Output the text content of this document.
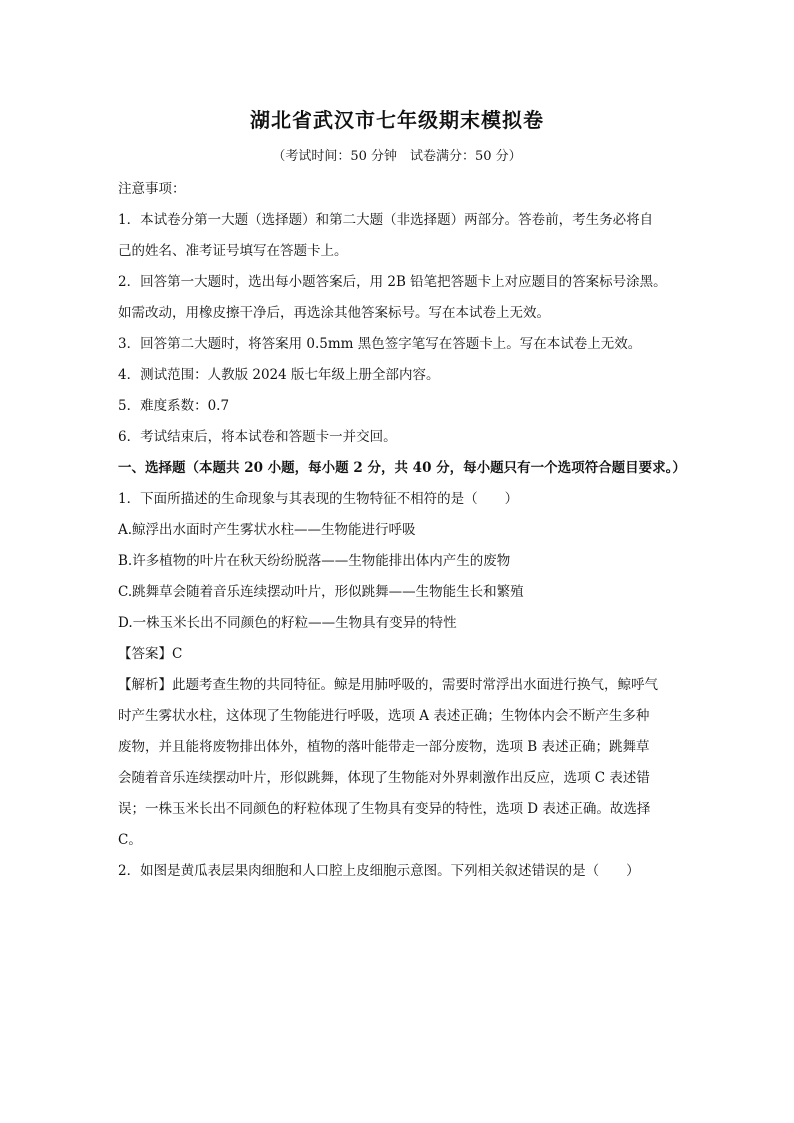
湖北省武汉市七年级期末模拟卷
（考试时间：50 分钟　试卷满分：50 分）
注意事项：
1．本试卷分第一大题（选择题）和第二大题（非选择题）两部分。答卷前，考生务必将自
己的姓名、准考证号填写在答题卡上。
2．回答第一大题时，选出每小题答案后，用 2B 铅笔把答题卡上对应题目的答案标号涂黑。
如需改动，用橡皮擦干净后，再选涂其他答案标号。写在本试卷上无效。
3．回答第二大题时，将答案用 0.5mm 黑色签字笔写在答题卡上。写在本试卷上无效。
4．测试范围：人教版 2024 版七年级上册全部内容。
5．难度系数：0.7
6．考试结束后，将本试卷和答题卡一并交回。
一、选择题（本题共 20 小题，每小题 2 分，共 40 分，每小题只有一个选项符合题目要求。）
1．下面所描述的生命现象与其表现的生物特征不相符的是（　　）
A.鲸浮出水面时产生雾状水柱——生物能进行呼吸
B.许多植物的叶片在秋天纷纷脱落——生物能排出体内产生的废物
C.跳舞草会随着音乐连续摆动叶片，形似跳舞——生物能生长和繁殖
D.一株玉米长出不同颜色的籽粒——生物具有变异的特性
【答案】C
【解析】此题考查生物的共同特征。鲸是用肺呼吸的，需要时常浮出水面进行换气，鲸呼气
时产生雾状水柱，这体现了生物能进行呼吸，选项 A 表述正确；生物体内会不断产生多种
废物，并且能将废物排出体外，植物的落叶能带走一部分废物，选项 B 表述正确；跳舞草
会随着音乐连续摆动叶片，形似跳舞，体现了生物能对外界刺激作出反应，选项 C 表述错
误；一株玉米长出不同颜色的籽粒体现了生物具有变异的特性，选项 D 表述正确。故选择
C。
2．如图是黄瓜表层果肉细胞和人口腔上皮细胞示意图。下列相关叙述错误的是（　　）
